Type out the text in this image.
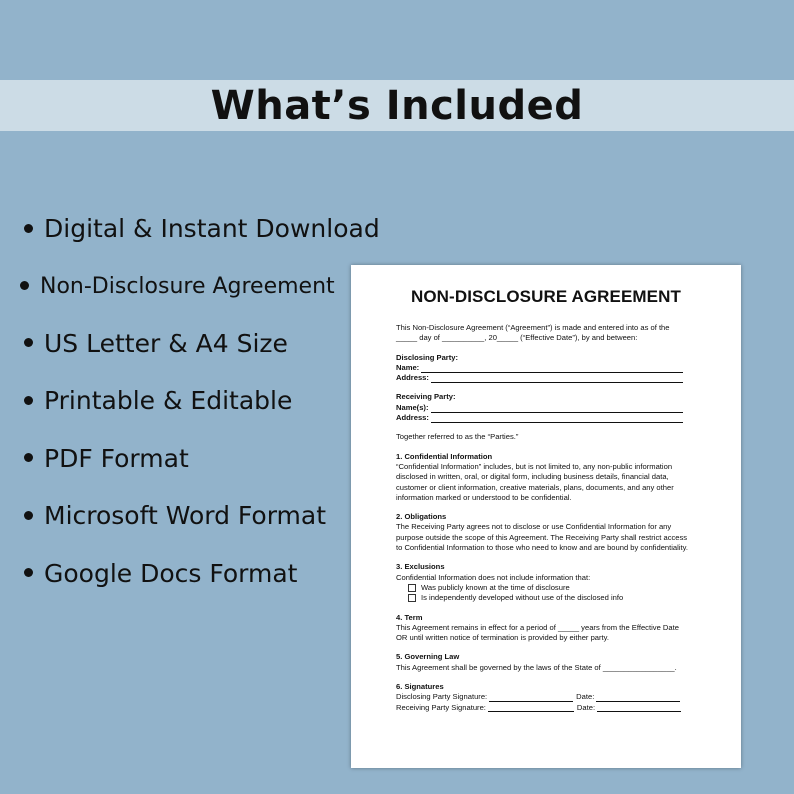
What’s Included
Digital & Instant Download
Non-Disclosure Agreement
US Letter & A4 Size
Printable & Editable
PDF Format
Microsoft Word Format
Google Docs Format
NON-DISCLOSURE AGREEMENT

This Non-Disclosure Agreement (“Agreement”) is made and entered into as of the

_____ day of __________, 20_____ (“Effective Date”), by and between:

Disclosing Party:

Name:
Address:

Receiving Party:

Name(s):
Address:

Together referred to as the “Parties.”

1. Confidential Information

“Confidential Information” includes, but is not limited to, any non-public information

disclosed in written, oral, or digital form, including business details, financial data,

customer or client information, creative materials, plans, documents, and any other

information marked or understood to be confidential.

2. Obligations

The Receiving Party agrees not to disclose or use Confidential Information for any

purpose outside the scope of this Agreement. The Receiving Party shall restrict access

to Confidential Information to those who need to know and are bound by confidentiality.

3. Exclusions

Confidential Information does not include information that:

Was publicly known at the time of disclosure
Is independently developed without use of the disclosed info

4. Term

This Agreement remains in effect for a period of _____ years from the Effective Date

OR until written notice of termination is provided by either party.

5. Governing Law

This Agreement shall be governed by the laws of the State of _________________.

6. Signatures

Disclosing Party Signature:	Date:
Receiving Party Signature:	Date:
